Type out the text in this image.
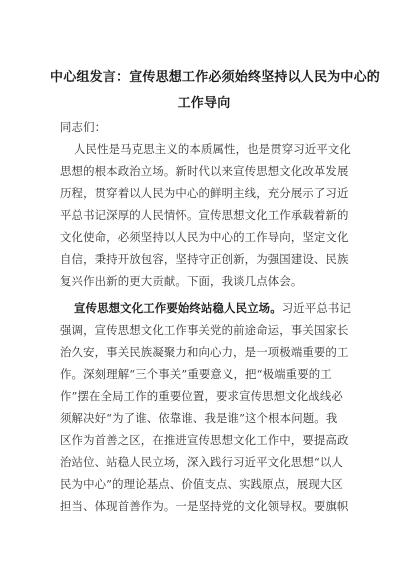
中心组发言：宣传思想工作必须始终坚持以人民为中心的
工作导向
同志们：
人民性是马克思主义的本质属性，也是贯穿习近平文化
思想的根本政治立场。新时代以来宣传思想文化改革发展
历程，贯穿着以人民为中心的鲜明主线，充分展示了习近
平总书记深厚的人民情怀。宣传思想文化工作承载着新的
文化使命，必须坚持以人民为中心的工作导向，坚定文化
自信，秉持开放包容，坚持守正创新，为强国建设、民族
复兴作出新的更大贡献。下面，我谈几点体会。
宣传思想文化工作要始终站稳人民立场。习近平总书记
强调，宣传思想文化工作事关党的前途命运，事关国家长
治久安，事关民族凝聚力和向心力，是一项极端重要的工
作。深刻理解“三个事关”重要意义，把“极端重要的工
作”摆在全局工作的重要位置，要求宣传思想文化战线必
须解决好“为了谁、依靠谁、我是谁”这个根本问题。我
区作为首善之区，在推进宣传思想文化工作中，要提高政
治站位、站稳人民立场，深入践行习近平文化思想“以人
民为中心”的理论基点、价值支点、实践原点，展现大区
担当、体现首善作为。一是坚持党的文化领导权。要旗帜
